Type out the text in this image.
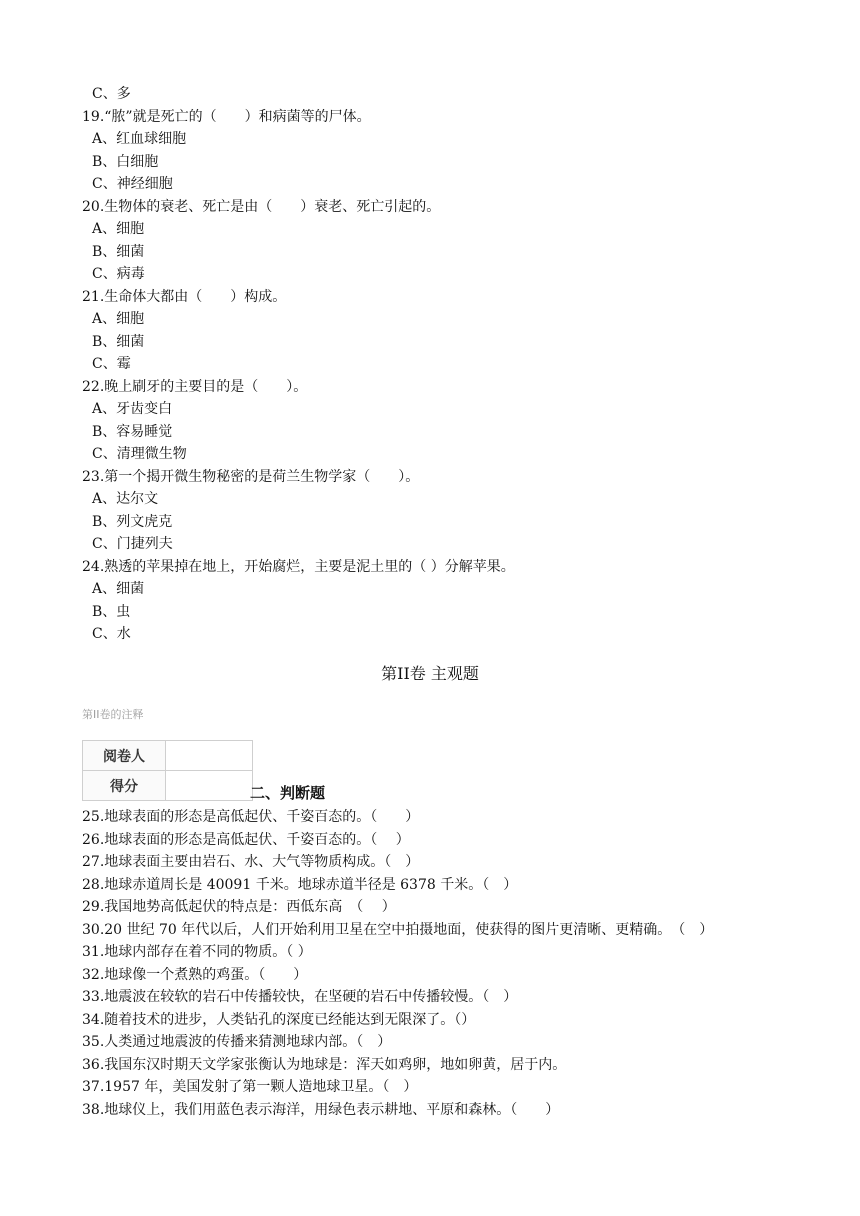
C、多
19.“脓”就是死亡的（　　）和病菌等的尸体。
A、红血球细胞
B、白细胞
C、神经细胞
20.生物体的衰老、死亡是由（　　）衰老、死亡引起的。
A、细胞
B、细菌
C、病毒
21.生命体大都由（　　）构成。
A、细胞
B、细菌
C、霉
22.晚上刷牙的主要目的是（　　）。
A、牙齿变白
B、容易睡觉
C、清理微生物
23.第一个揭开微生物秘密的是荷兰生物学家（　　）。
A、达尔文
B、列文虎克
C、门捷列夫
24.熟透的苹果掉在地上，开始腐烂，主要是泥土里的（ ）分解苹果。
A、细菌
B、虫
C、水
第II卷 主观题
第II卷的注释
阅卷人	
得分		二、判断题
25.地球表面的形态是高低起伏、千姿百态的。（　　）
26.地球表面的形态是高低起伏、千姿百态的。（　 ）
27.地球表面主要由岩石、水、大气等物质构成。（　）
28.地球赤道周长是 40091 千米。地球赤道半径是 6378 千米。（　）
29.我国地势高低起伏的特点是：西低东高　（　 ）
30.20 世纪 70 年代以后，人们开始利用卫星在空中拍摄地面，使获得的图片更清晰、更精确。　（　）
31.地球内部存在着不同的物质。（ ）
32.地球像一个煮熟的鸡蛋。（　　）
33.地震波在较软的岩石中传播较快，在坚硬的岩石中传播较慢。（　）
34.随着技术的进步，人类钻孔的深度已经能达到无限深了。（）
35.人类通过地震波的传播来猜测地球内部。（　）
36.我国东汉时期天文学家张衡认为地球是：浑天如鸡卵，地如卵黄，居于内。
37.1957 年，美国发射了第一颗人造地球卫星。（　）
38.地球仪上，我们用蓝色表示海洋，用绿色表示耕地、平原和森林。（　　）
